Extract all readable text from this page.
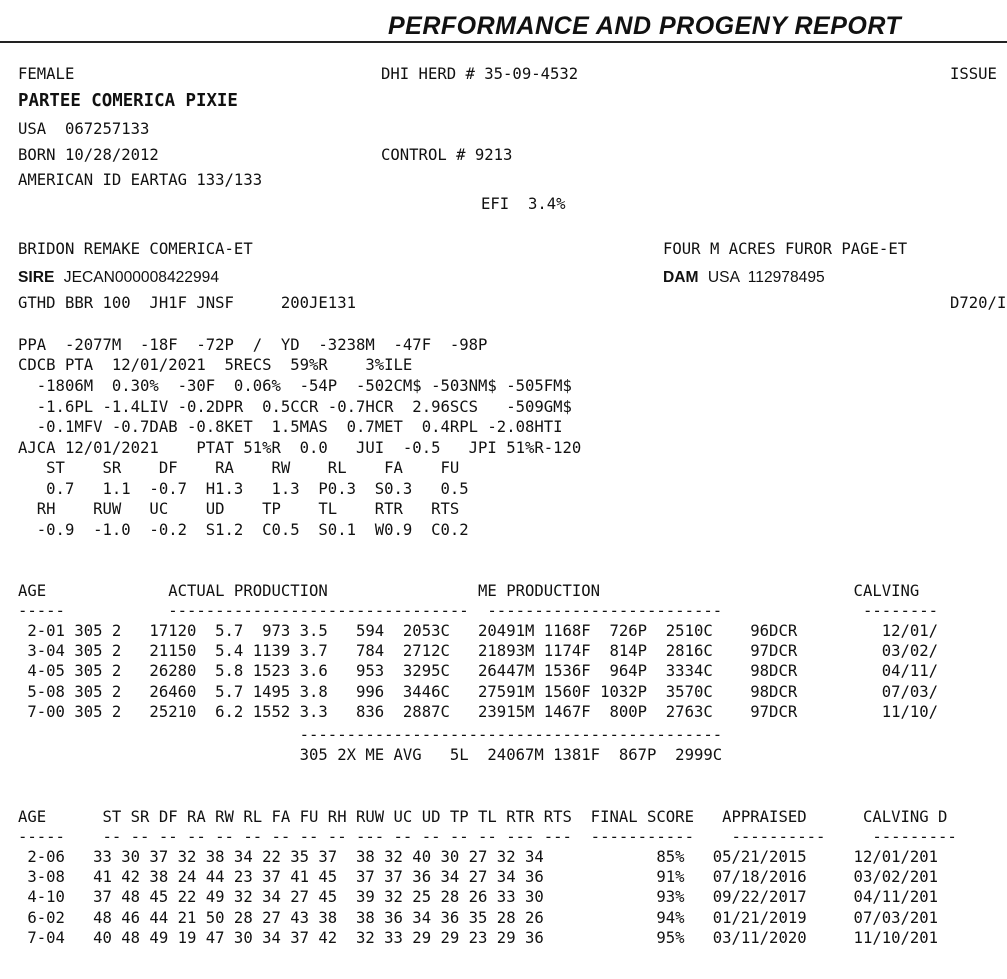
PERFORMANCE AND PROGENY REPORT
FEMALE	DHI HERD # 35-09-4532	ISSUE
PARTEE COMERICA PIXIE
USA  067257133
BORN 10/28/2012	CONTROL # 9213
AMERICAN ID EARTAG 133/133
EFI  3.4%
BRIDON REMAKE COMERICA-ET	FOUR M ACRES FUROR PAGE-ET
SIRE JECAN000008422994	DAM USA  112978495
GTHD BBR 100  JH1F JNSF     200JE131	D720/I
PPA  -2077M  -18F  -72P  /  YD  -3238M  -47F  -98P
CDCB PTA  12/01/2021  5RECS  59%R    3%ILE
-1806M  0.30%  -30F  0.06%  -54P  -502CM$ -503NM$ -505FM$
-1.6PL -1.4LIV -0.2DPR  0.5CCR -0.7HCR  2.96SCS   -509GM$
-0.1MFV -0.7DAB -0.8KET  1.5MAS  0.7MET  0.4RPL -2.08HTI
AJCA 12/01/2021    PTAT 51%R  0.0   JUI  -0.5   JPI 51%R-120
ST    SR    DF    RA    RW    RL    FA    FU
0.7   1.1  -0.7  H1.3   1.3  P0.3  S0.3   0.5
RH    RUW   UC    UD    TP    TL    RTR   RTS
-0.9  -1.0  -0.2  S1.2  C0.5  S0.1  W0.9  C0.2
AGE             ACTUAL PRODUCTION                ME PRODUCTION                           CALVING
-----           --------------------------------  -------------------------               --------
2-01 305 2   17120  5.7  973 3.5   594  2053C   20491M 1168F  726P  2510C    96DCR         12/01/
3-04 305 2   21150  5.4 1139 3.7   784  2712C   21893M 1174F  814P  2816C    97DCR         03/02/
4-05 305 2   26280  5.8 1523 3.6   953  3295C   26447M 1536F  964P  3334C    98DCR         04/11/
5-08 305 2   26460  5.7 1495 3.8   996  3446C   27591M 1560F 1032P  3570C    98DCR         07/03/
7-00 305 2   25210  6.2 1552 3.3   836  2887C   23915M 1467F  800P  2763C    97DCR         11/10/
---------------------------------------------
305 2X ME AVG   5L  24067M 1381F  867P  2999C
AGE      ST SR DF RA RW RL FA FU RH RUW UC UD TP TL RTR RTS  FINAL SCORE   APPRAISED      CALVING D
-----    -- -- -- -- -- -- -- -- -- --- -- -- -- -- --- ---  -----------    ----------     ---------
2-06   33 30 37 32 38 34 22 35 37  38 32 40 30 27 32 34            85%   05/21/2015     12/01/201
3-08   41 42 38 24 44 23 37 41 45  37 37 36 34 27 34 36            91%   07/18/2016     03/02/201
4-10   37 48 45 22 49 32 34 27 45  39 32 25 28 26 33 30            93%   09/22/2017     04/11/201
6-02   48 46 44 21 50 28 27 43 38  38 36 34 36 35 28 26            94%   01/21/2019     07/03/201
7-04   40 48 49 19 47 30 34 37 42  32 33 29 29 23 29 36            95%   03/11/2020     11/10/201
